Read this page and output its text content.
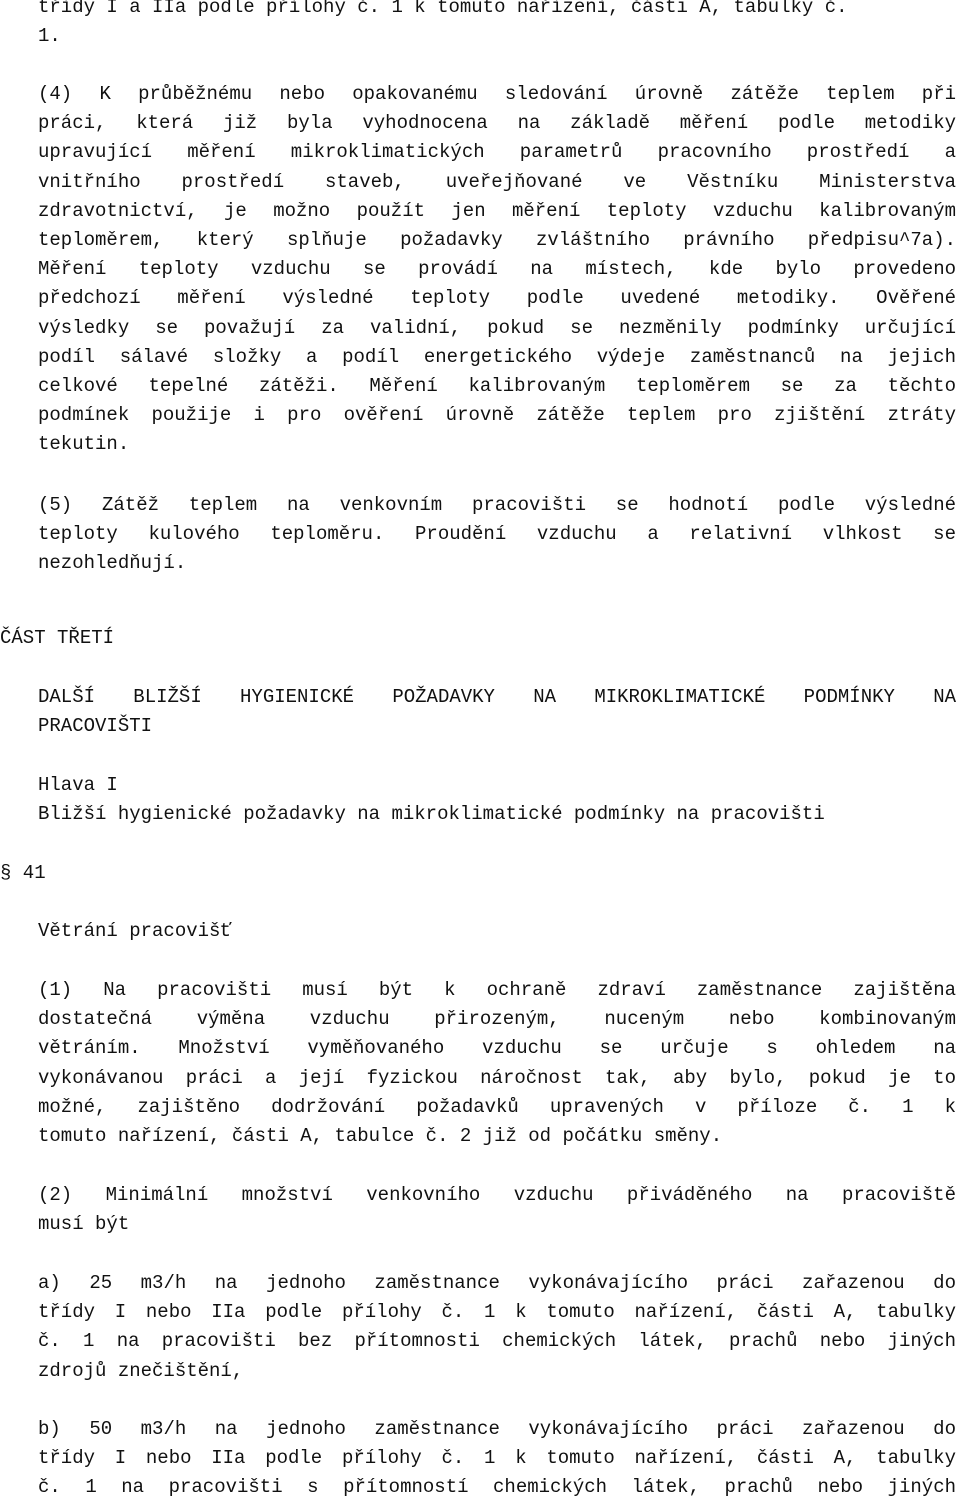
třídy I a IIa podle přílohy č. 1 k tomuto nařízení, části A, tabulky č.
1.
(4) K průběžnému nebo opakovanému sledování úrovně zátěže teplem při
práci, která již byla vyhodnocena na základě měření podle metodiky
upravující měření mikroklimatických parametrů pracovního prostředí a
vnitřního prostředí staveb, uveřejňované ve Věstníku Ministerstva
zdravotnictví, je možno použít jen měření teploty vzduchu kalibrovaným
teploměrem, který splňuje požadavky zvláštního právního předpisu^7a).
Měření teploty vzduchu se provádí na místech, kde bylo provedeno
předchozí měření výsledné teploty podle uvedené metodiky. Ověřené
výsledky se považují za validní, pokud se nezměnily podmínky určující
podíl sálavé složky a podíl energetického výdeje zaměstnanců na jejich
celkové tepelné zátěži. Měření kalibrovaným teploměrem se za těchto
podmínek použije i pro ověření úrovně zátěže teplem pro zjištění ztráty
tekutin.
(5) Zátěž teplem na venkovním pracovišti se hodnotí podle výsledné
teploty kulového teploměru. Proudění vzduchu a relativní vlhkost se
nezohledňují.
ČÁST TŘETÍ
DALŠÍ BLIŽŠÍ HYGIENICKÉ POŽADAVKY NA MIKROKLIMATICKÉ PODMÍNKY NA
PRACOVIŠTI
Hlava I
Bližší hygienické požadavky na mikroklimatické podmínky na pracovišti
§ 41
Větrání pracovišť
(1) Na pracovišti musí být k ochraně zdraví zaměstnance zajištěna
dostatečná výměna vzduchu přirozeným, nuceným nebo kombinovaným
větráním. Množství vyměňovaného vzduchu se určuje s ohledem na
vykonávanou práci a její fyzickou náročnost tak, aby bylo, pokud je to
možné, zajištěno dodržování požadavků upravených v příloze č. 1 k
tomuto nařízení, části A, tabulce č. 2 již od počátku směny.
(2) Minimální množství venkovního vzduchu přiváděného na pracoviště
musí být
a) 25 m3/h na jednoho zaměstnance vykonávajícího práci zařazenou do
třídy I nebo IIa podle přílohy č. 1 k tomuto nařízení, části A, tabulky
č. 1 na pracovišti bez přítomnosti chemických látek, prachů nebo jiných
zdrojů znečištění,
b) 50 m3/h na jednoho zaměstnance vykonávajícího práci zařazenou do
třídy I nebo IIa podle přílohy č. 1 k tomuto nařízení, části A, tabulky
č. 1 na pracovišti s přítomností chemických látek, prachů nebo jiných
